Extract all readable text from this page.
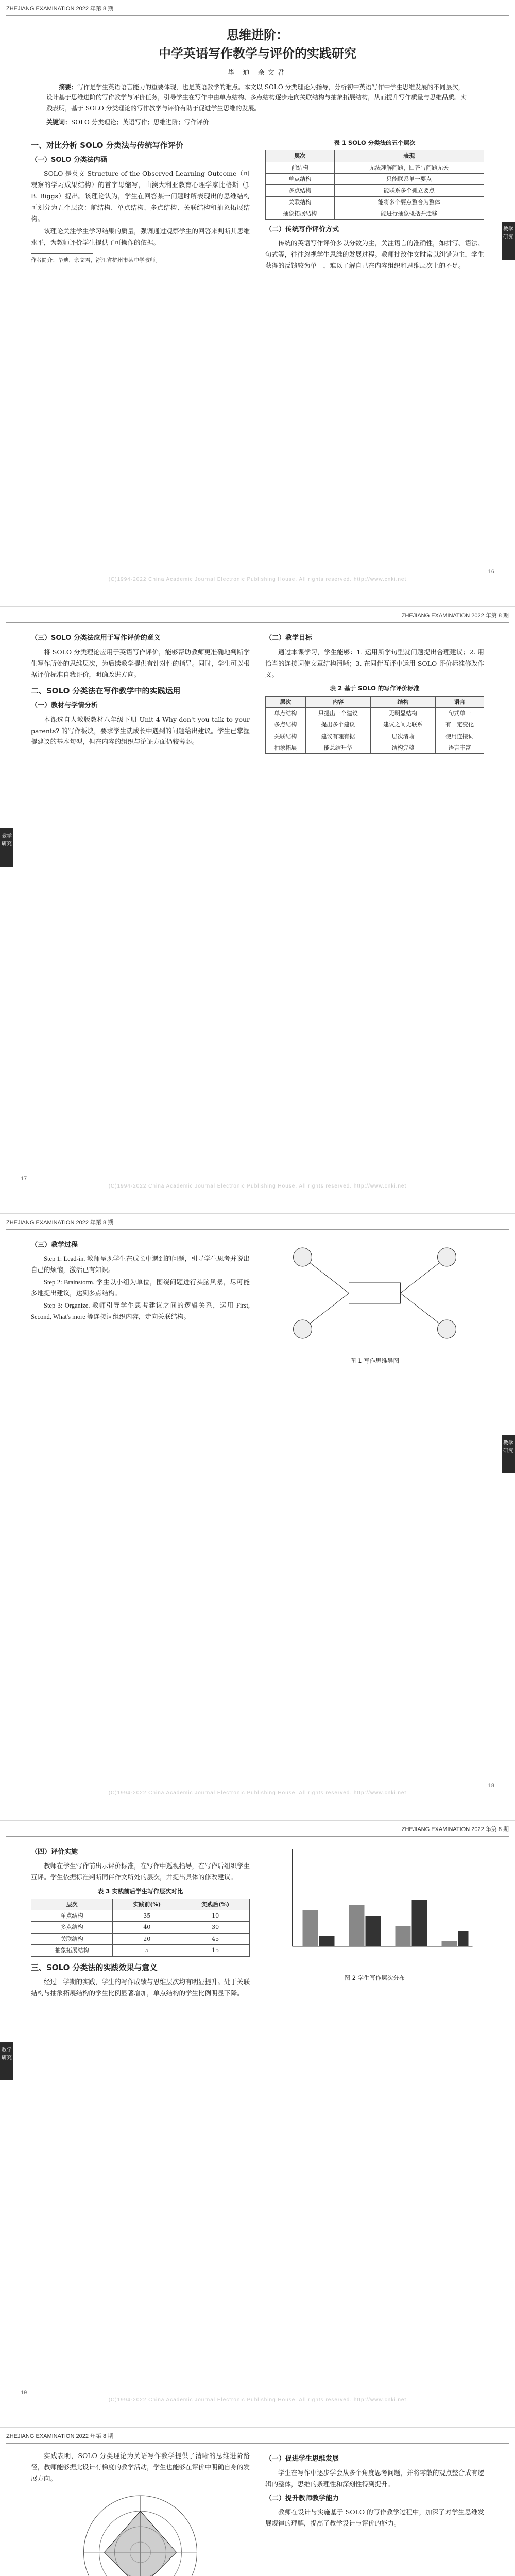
ZHEJIANG EXAMINATION 2022 年第 8 期
教学研究
思维进阶：
中学英语写作教学与评价的实践研究
毕 迪 余文君
摘要：写作是学生英语语言能力的重要体现，也是英语教学的难点。本文以 SOLO 分类理论为指导，分析初中英语写作中学生思维发展的不同层次，设计基于思维进阶的写作教学与评价任务，引导学生在写作中由单点结构、多点结构逐步走向关联结构与抽象拓展结构，从而提升写作质量与思维品质。实践表明，基于 SOLO 分类理论的写作教学与评价有助于促进学生思维的发展。
关键词：SOLO 分类理论；英语写作；思维进阶；写作评价
一、对比分析 SOLO 分类法与传统写作评价
（一）SOLO 分类法内涵

SOLO 是英文 Structure of the Observed Learning Outcome（可观察的学习成果结构）的首字母缩写，由澳大利亚教育心理学家比格斯（J. B. Biggs）提出。该理论认为，学生在回答某一问题时所表现出的思维结构可划分为五个层次：前结构、单点结构、多点结构、关联结构和抽象拓展结构。

该理论关注学生学习结果的质量，强调通过观察学生的回答来判断其思维水平，为教师评价学生提供了可操作的依据。

作者简介：毕迪，余文君，浙江省杭州市某中学教师。

表 1 SOLO 分类法的五个层次
层次	表现
前结构	无法理解问题，回答与问题无关
单点结构	只能联系单一要点
多点结构	能联系多个孤立要点
关联结构	能将多个要点整合为整体
抽象拓展结构	能进行抽象概括并迁移
（二）传统写作评价方式

传统的英语写作评价多以分数为主，关注语言的准确性，如拼写、语法、句式等，往往忽视学生思维的发展过程。教师批改作文时常以纠错为主，学生获得的反馈较为单一，难以了解自己在内容组织和思维层次上的不足。

16
(C)1994-2022 China Academic Journal Electronic Publishing House. All rights reserved. http://www.cnki.net
ZHEJIANG EXAMINATION 2022 年第 8 期
教学研究
（三）SOLO 分类法应用于写作评价的意义

将 SOLO 分类理论应用于英语写作评价，能够帮助教师更准确地判断学生写作所处的思维层次，为后续教学提供有针对性的指导。同时，学生可以根据评价标准自我评价，明确改进方向。

二、SOLO 分类法在写作教学中的实践运用
（一）教材与学情分析

本课选自人教版教材八年级下册 Unit 4 Why don't you talk to your parents? 的写作板块，要求学生就成长中遇到的问题给出建议。学生已掌握提建议的基本句型，但在内容的组织与论证方面仍较薄弱。

（二）教学目标

通过本课学习，学生能够：1. 运用所学句型就问题提出合理建议；2. 用恰当的连接词使文章结构清晰；3. 在同伴互评中运用 SOLO 评价标准修改作文。

表 2 基于 SOLO 的写作评价标准
层次	内容	结构	语言
单点结构	只提出一个建议	无明显结构	句式单一
多点结构	提出多个建议	建议之间无联系	有一定变化
关联结构	建议有理有据	层次清晰	使用连接词
抽象拓展	能总结升华	结构完整	语言丰富
17
(C)1994-2022 China Academic Journal Electronic Publishing House. All rights reserved. http://www.cnki.net
ZHEJIANG EXAMINATION 2022 年第 8 期
教学研究
（三）教学过程

Step 1: Lead-in. 教师呈现学生在成长中遇到的问题，引导学生思考并说出自己的烦恼，激活已有知识。

Step 2: Brainstorm. 学生以小组为单位，围绕问题进行头脑风暴，尽可能多地提出建议，达到多点结构。

Step 3: Organize. 教师引导学生思考建议之间的逻辑关系，运用 First, Second, What's more 等连接词组织内容，走向关联结构。

图 1 写作思维导图
18
(C)1994-2022 China Academic Journal Electronic Publishing House. All rights reserved. http://www.cnki.net
ZHEJIANG EXAMINATION 2022 年第 8 期
教学研究
（四）评价实施

教师在学生写作前出示评价标准，在写作中巡视指导，在写作后组织学生互评。学生依据标准判断同伴作文所处的层次，并提出具体的修改建议。

表 3 实践前后学生写作层次对比
层次	实践前(%)	实践后(%)
单点结构	35	10
多点结构	40	30
关联结构	20	45
抽象拓展结构	5	15
三、SOLO 分类法的实践效果与意义

经过一学期的实践，学生的写作成绩与思维层次均有明显提升。处于关联结构与抽象拓展结构的学生比例显著增加，单点结构的学生比例明显下降。

图 2 学生写作层次分布
19
(C)1994-2022 China Academic Journal Electronic Publishing House. All rights reserved. http://www.cnki.net
ZHEJIANG EXAMINATION 2022 年第 8 期

实践表明，SOLO 分类理论为英语写作教学提供了清晰的思维进阶路径，教师能够据此设计有梯度的教学活动，学生也能够在评价中明确自身的发展方向。

（一）促进学生思维发展

学生在写作中逐步学会从多个角度思考问题，并将零散的观点整合成有逻辑的整体，思维的条理性和深刻性得到提升。

（二）提升教师教学能力

教师在设计与实施基于 SOLO 的写作教学过程中，加深了对学生思维发展规律的理解，提高了教学设计与评价的能力。
